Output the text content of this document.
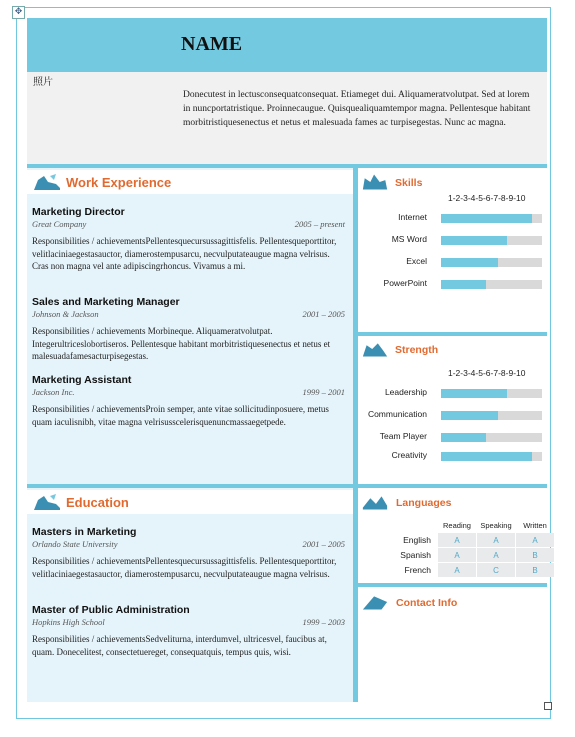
✥
NAME
照片
Donecutest in lectusconsequatconsequat. Etiameget dui. Aliquameratvolutpat. Sed at lorem in nuncportatristique. Proinnecaugue. Quisquealiquamtempor magna. Pellentesque habitant morbitristiquesenectus et netus et malesuada fames ac turpisegestas. Nunc ac magna.
Work Experience
Marketing Director
Great Company	2005 – present
Responsibilities / achievementsPellentesquecursussagittisfelis. Pellentesqueporttitor, velitlaciniaegestasauctor, diamerostempusarcu, necvulputateaugue magna velrisus. Cras non magna vel ante adipiscingrhoncus. Vivamus a mi.
Sales and Marketing Manager
Johnson & Jackson	2001 – 2005
Responsibilities / achievements Morbineque. Aliquameratvolutpat. Integerultricesloborti​seros. Pellentesque habitant morbitristiquesenectus et netus et malesuadafamesacturpisegestas.
Marketing Assistant
Jackson Inc.	1999 – 2001
Responsibilities / achievementsProin semper, ante vitae sollicitudinposuere, metus quam iaculisnibh, vitae magna velrisussceleri​squenuncmassaegetpede.
Education
Masters in Marketing
Orlando State University	2001 – 2005
Responsibilities / achievementsPellentesquecursussagittisfelis. Pellentesqueporttitor, velitlaciniaegestasauctor, diamerostempusarcu, necvulputateaugue magna velrisus.
Master of Public Administration
Hopkins High School	1999 – 2003
Responsibilities / achievementsSedveliturna, interdumvel, ultricesvel, faucibus at, quam. Donecelitest, consectetuereget, consequatquis, tempus quis, wisi.
Skills
1-2-3-4-5-6-7-8-9-10
Internet
MS Word
Excel
PowerPoint
Strength
1-2-3-4-5-6-7-8-9-10
Leadership
Communication
Team Player
Creativity
Languages
	Reading	Speaking	Written
English	A	A	A
Spanish	A	A	B
French	A	C	B
Contact Info
